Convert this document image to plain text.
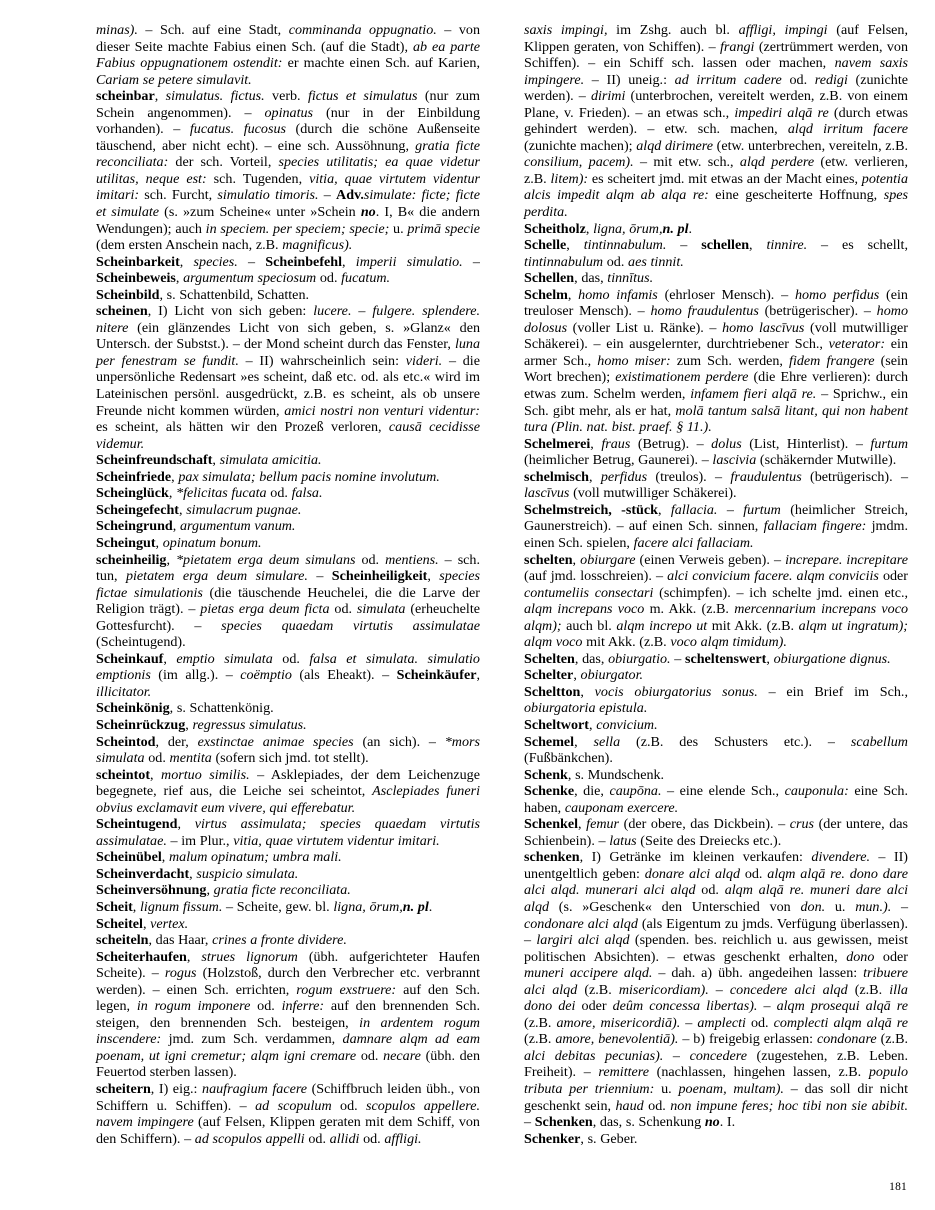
minas). – Sch. auf eine Stadt, comminanda oppugnatio. – von dieser Seite machte Fabius einen Sch. (auf die Stadt), ab ea parte Fabius oppugnationem ostendit: er machte einen Sch. auf Karien, Cariam se petere simulavit.

scheinbar, simulatus. fictus. verb. fictus et simulatus (nur zum Schein angenommen). – opinatus (nur in der Einbildung vorhanden). – fucatus. fucosus (durch die schöne Außenseite täuschend, aber nicht echt). – eine sch. Aussöhnung, gratia ficte reconciliata: der sch. Vorteil, species utilitatis; ea quae videtur utilitas, neque est: sch. Tugenden, vitia, quae virtutem videntur imitari: sch. Furcht, simulatio timoris. – Adv.simulate: ficte; ficte et simulate (s. »zum Scheine« unter »Schein no. I, B« die andern Wendungen); auch in speciem. per speciem; specie; u. primā specie (dem ersten Anschein nach, z.B. magnificus).

Scheinbarkeit, species. – Scheinbefehl, imperii simulatio. – Scheinbeweis, argumentum speciosum od. fucatum.

Scheinbild, s. Schattenbild, Schatten.

scheinen, I) Licht von sich geben: lucere. – fulgere. splendere. nitere (ein glänzendes Licht von sich geben, s. »Glanz« den Untersch. der Substst.). – der Mond scheint durch das Fenster, luna per fenestram se fundit. – II) wahrscheinlich sein: videri. – die unpersönliche Redensart »es scheint, daß etc. od. als etc.« wird im Lateinischen persönl. ausgedrückt, z.B. es scheint, als ob unsere Freunde nicht kommen würden, amici nostri non venturi videntur: es scheint, als hätten wir den Prozeß verloren, causā cecidisse videmur.

Scheinfreundschaft, simulata amicitia.

Scheinfriede, pax simulata; bellum pacis nomine involutum.

Scheinglück, *felicitas fucata od. falsa.

Scheingefecht, simulacrum pugnae.

Scheingrund, argumentum vanum.

Scheingut, opinatum bonum.

scheinheilig, *pietatem erga deum simulans od. mentiens. – sch. tun, pietatem erga deum simulare. – Scheinheiligkeit, species fictae simulationis (die täuschende Heuchelei, die die Larve der Religion trägt). – pietas erga deum ficta od. simulata (erheuchelte Gottesfurcht). – species quaedam virtutis assimulatae (Scheintugend).

Scheinkauf, emptio simulata od. falsa et simulata. simulatio emptionis (im allg.). – coëmptio (als Eheakt). – Scheinkäufer, illicitator.

Scheinkönig, s. Schattenkönig.

Scheinrückzug, regressus simulatus.

Scheintod, der, exstinctae animae species (an sich). – *mors simulata od. mentita (sofern sich jmd. tot stellt).

scheintot, mortuo similis. – Asklepiades, der dem Leichenzuge begegnete, rief aus, die Leiche sei scheintot, Asclepiades funeri obvius exclamavit eum vivere, qui efferebatur.

Scheintugend, virtus assimulata; species quaedam virtutis assimulatae. – im Plur., vitia, quae virtutem videntur imitari.

Scheinübel, malum opinatum; umbra mali.

Scheinverdacht, suspicio simulata.

Scheinversöhnung, gratia ficte reconciliata.

Scheit, lignum fissum. – Scheite, gew. bl. ligna, ōrum,n. pl.

Scheitel, vertex.

scheiteln, das Haar, crines a fronte dividere.

Scheiterhaufen, strues lignorum (übh. aufgerichteter Haufen Scheite). – rogus (Holzstoß, durch den Verbrecher etc. verbrannt werden). – einen Sch. errichten, rogum exstruere: auf den Sch. legen, in rogum imponere od. inferre: auf den brennenden Sch. steigen, den brennenden Sch. besteigen, in ardentem rogum inscendere: jmd. zum Sch. verdammen, damnare alqm ad eam poenam, ut igni cremetur; alqm igni cremare od. necare (übh. den Feuertod sterben lassen).

scheitern, I) eig.: naufragium facere (Schiffbruch leiden übh., von Schiffern u. Schiffen). – ad scopulum od. scopulos appellere. navem impingere (auf Felsen, Klippen geraten mit dem Schiff, von den Schiffern). – ad scopulos appelli od. allidi od. affligi.

saxis impingi, im Zshg. auch bl. affligi, impingi (auf Felsen, Klippen geraten, von Schiffen). – frangi (zertrümmert werden, von Schiffen). – ein Schiff sch. lassen oder machen, navem saxis impingere. – II) uneig.: ad irritum cadere od. redigi (zunichte werden). – dirimi (unterbrochen, vereitelt werden, z.B. von einem Plane, v. Frieden). – an etwas sch., impediri alqā re (durch etwas gehindert werden). – etw. sch. machen, alqd irritum facere (zunichte machen); alqd dirimere (etw. unterbrechen, vereiteln, z.B. consilium, pacem). – mit etw. sch., alqd perdere (etw. verlieren, z.B. litem): es scheitert jmd. mit etwas an der Macht eines, potentia alcis impedit alqm ab alqa re: eine gescheiterte Hoffnung, spes perdita.

Scheitholz, ligna, ōrum,n. pl.

Schelle, tintinnabulum. – schellen, tinnire. – es schellt, tintinnabulum od. aes tinnit.

Schellen, das, tinnītus.

Schelm, homo infamis (ehrloser Mensch). – homo perfidus (ein treuloser Mensch). – homo fraudulentus (betrügerischer). – homo dolosus (voller List u. Ränke). – homo lascīvus (voll mutwilliger Schäkerei). – ein ausgelernter, durchtriebener Sch., veterator: ein armer Sch., homo miser: zum Sch. werden, fidem frangere (sein Wort brechen); existimationem perdere (die Ehre verlieren): durch etwas zum. Schelm werden, infamem fieri alqā re. – Sprichw., ein Sch. gibt mehr, als er hat, molā tantum salsā litant, qui non habent tura (Plin. nat. bist. praef. § 11.).

Schelmerei, fraus (Betrug). – dolus (List, Hinterlist). – furtum (heimlicher Betrug, Gaunerei). – lascivia (schäkernder Mutwille).

schelmisch, perfidus (treulos). – fraudulentus (betrügerisch). – lascīvus (voll mutwilliger Schäkerei).

Schelmstreich, -stück, fallacia. – furtum (heimlicher Streich, Gaunerstreich). – auf einen Sch. sinnen, fallaciam fingere: jmdm. einen Sch. spielen, facere alci fallaciam.

schelten, obiurgare (einen Verweis geben). – increpare. increpitare (auf jmd. losschreien). – alci convicium facere. alqm conviciis oder contumeliis consectari (schimpfen). – ich schelte jmd. einen etc., alqm increpans voco m. Akk. (z.B. mercennarium increpans voco alqm); auch bl. alqm increpo ut mit Akk. (z.B. alqm ut ingratum); alqm voco mit Akk. (z.B. voco alqm timidum).

Schelten, das, obiurgatio. – scheltenswert, obiurgatione dignus.

Schelter, obiurgator.

Scheltton, vocis obiurgatorius sonus. – ein Brief im Sch., obiurgatoria epistula.

Scheltwort, convicium.

Schemel, sella (z.B. des Schusters etc.). – scabellum (Fußbänkchen).

Schenk, s. Mundschenk.

Schenke, die, caupōna. – eine elende Sch., cauponula: eine Sch. haben, cauponam exercere.

Schenkel, femur (der obere, das Dickbein). – crus (der untere, das Schienbein). – latus (Seite des Dreiecks etc.).

schenken, I) Getränke im kleinen verkaufen: divendere. – II) unentgeltlich geben: donare alci alqd od. alqm alqā re. dono dare alci alqd. munerari alci alqd od. alqm alqā re. muneri dare alci alqd (s. »Geschenk« den Unterschied von don. u. mun.). – condonare alci alqd (als Eigentum zu jmds. Verfügung überlassen). – largiri alci alqd (spenden. bes. reichlich u. aus gewissen, meist politischen Absichten). – etwas geschenkt erhalten, dono oder muneri accipere alqd. – dah. a) übh. angedeihen lassen: tribuere alci alqd (z.B. misericordiam). – concedere alci alqd (z.B. illa dono dei oder deûm concessa libertas). – alqm prosequi alqā re (z.B. amore, misericordiā). – amplecti od. complecti alqm alqā re (z.B. amore, benevolentiā). – b) freigebig erlassen: condonare (z.B. alci debitas pecunias). – concedere (zugestehen, z.B. Leben. Freiheit). – remittere (nachlassen, hingehen lassen, z.B. populo tributa per triennium: u. poenam, multam). – das soll dir nicht geschenkt sein, haud od. non impune feres; hoc tibi non sie abibit. – Schenken, das, s. Schenkung no. I.

Schenker, s. Geber.

181
